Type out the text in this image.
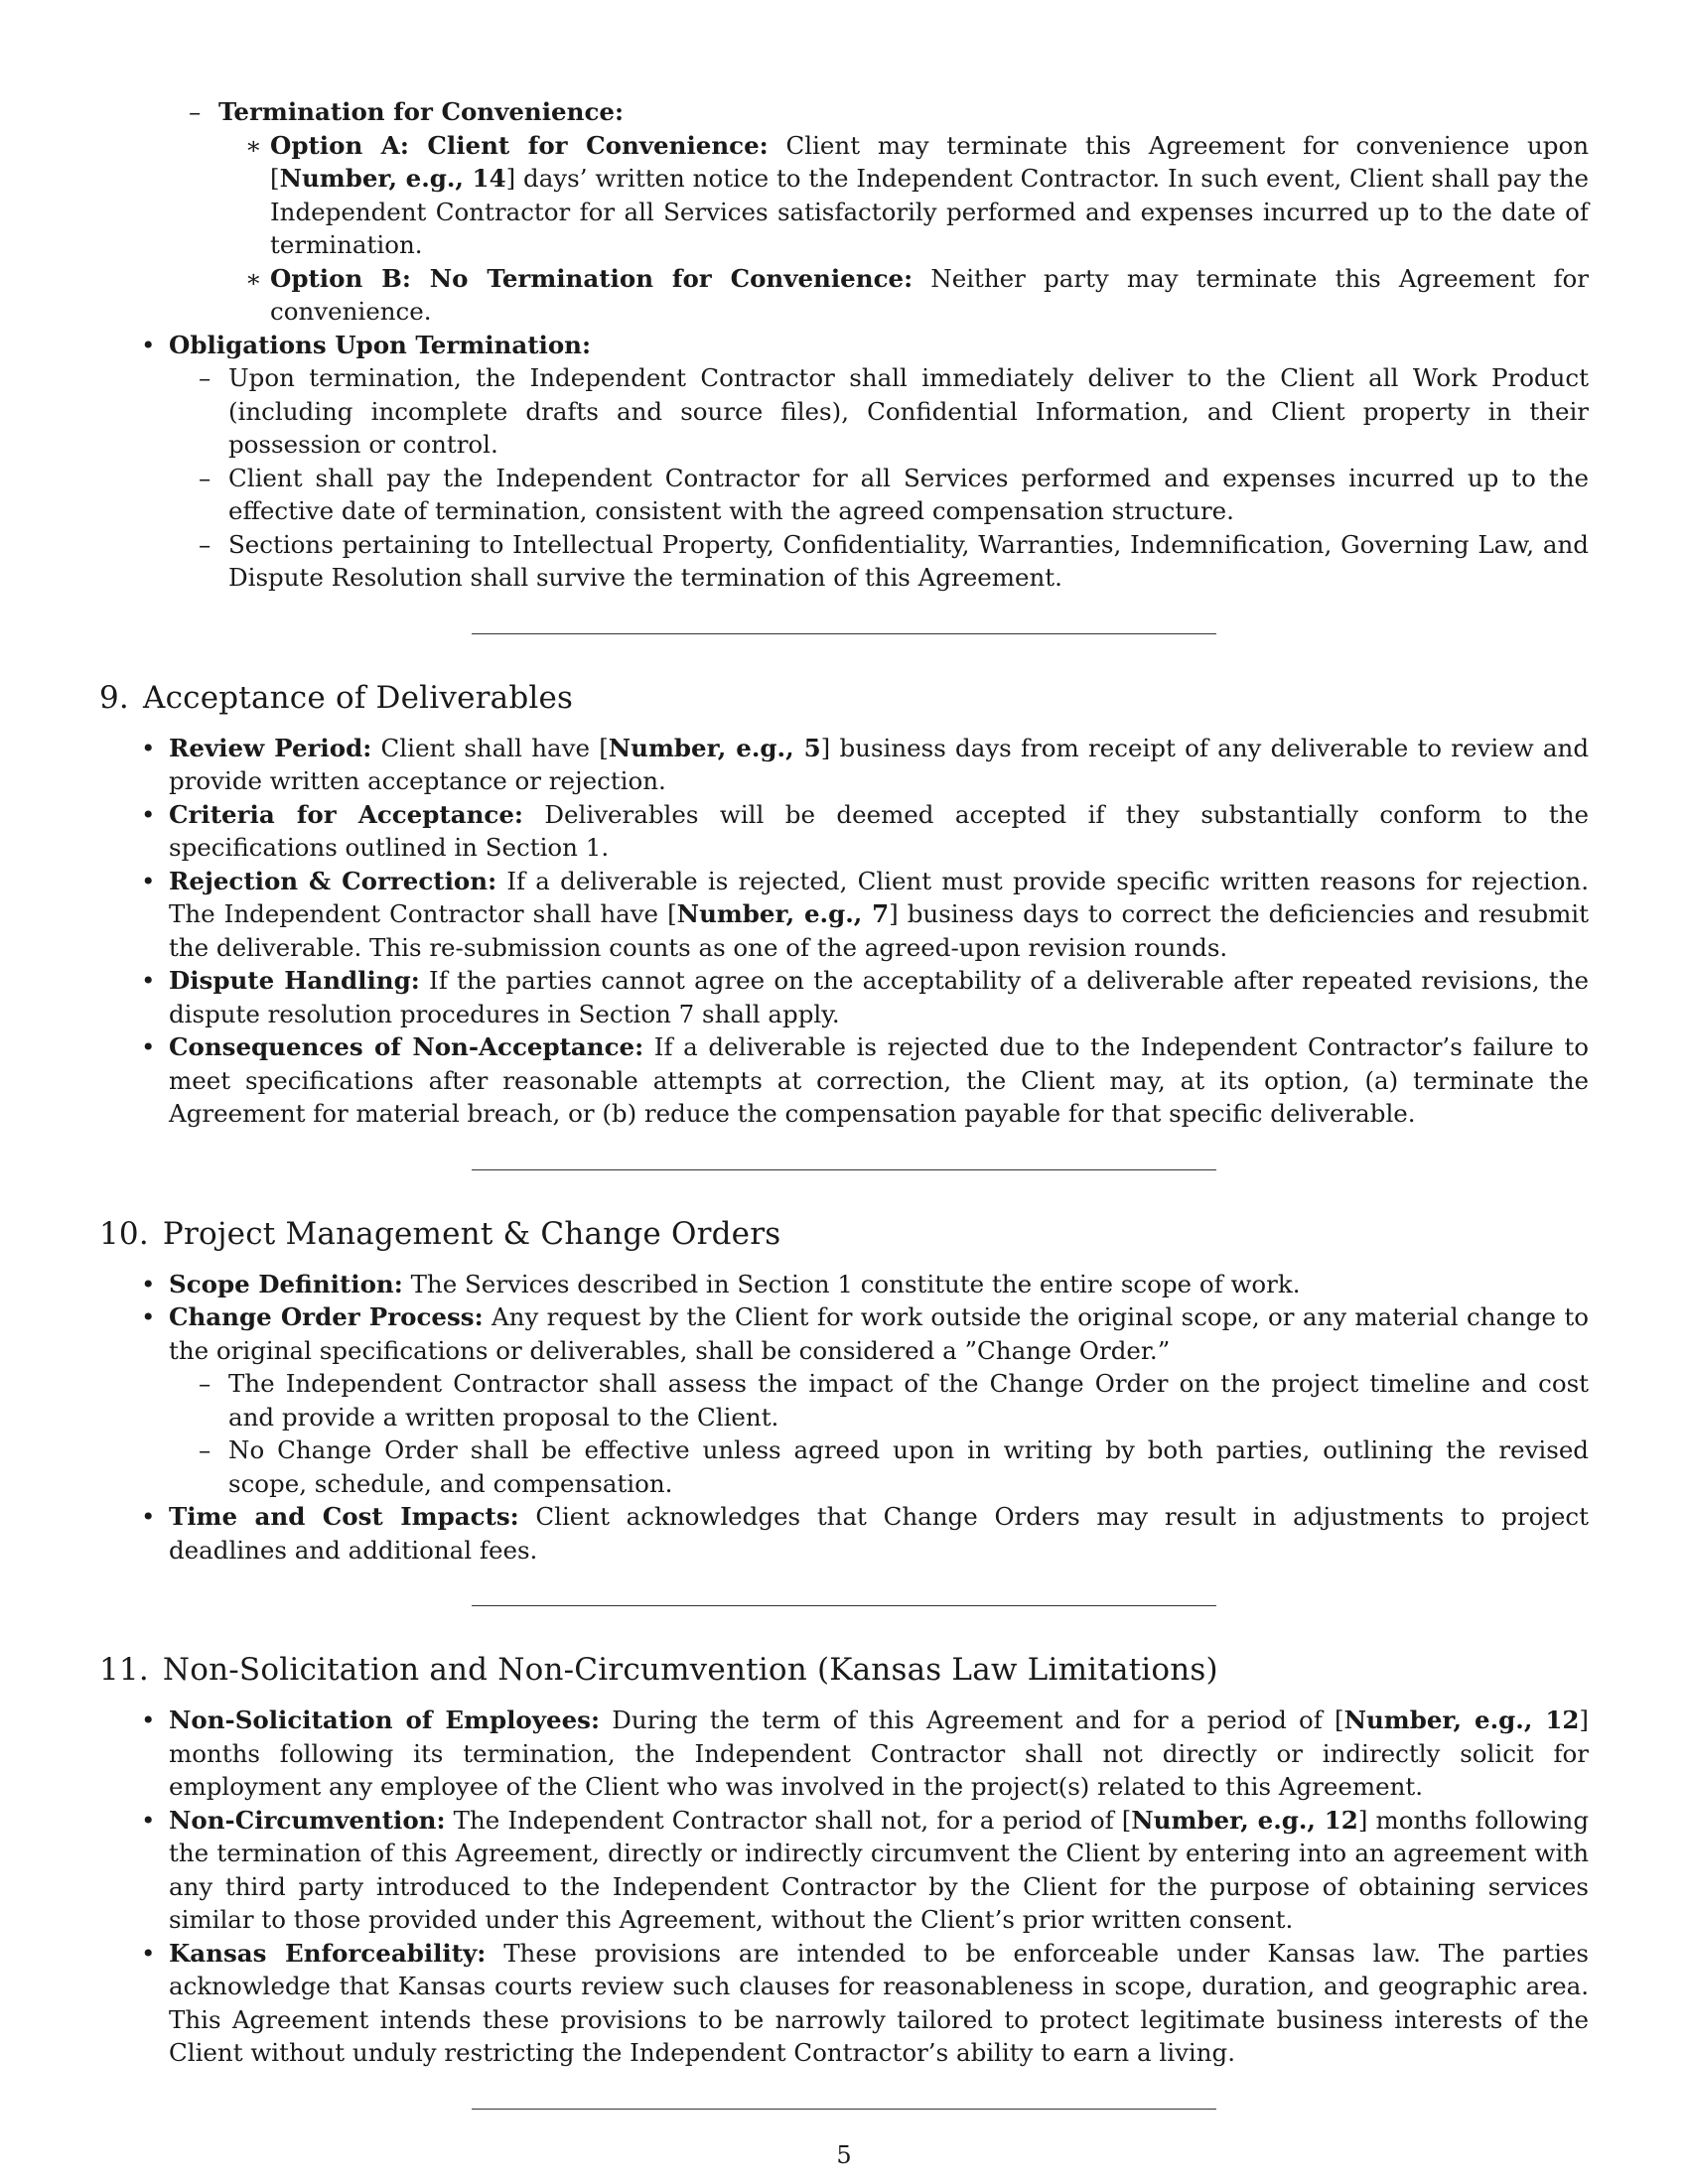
– Termination for Convenience:
∗ Option A: Client for Convenience: Client may terminate this Agreement for convenience upon [Number, e.g., 14] days’ written notice to the Independent Contractor. In such event, Client shall pay the Independent Contractor for all Services satisfactorily performed and expenses incurred up to the date of termination.
∗ Option B: No Termination for Convenience: Neither party may terminate this Agreement for convenience.
• Obligations Upon Termination:
– Upon termination, the Independent Contractor shall immediately deliver to the Client all Work Product (including incomplete drafts and source files), Confidential Information, and Client property in their possession or control.
– Client shall pay the Independent Contractor for all Services performed and expenses incurred up to the effective date of termination, consistent with the agreed compensation structure.
– Sections pertaining to Intellectual Property, Confidentiality, Warranties, Indemnification, Governing Law, and Dispute Resolution shall survive the termination of this Agreement.
9. Acceptance of Deliverables
• Review Period: Client shall have [Number, e.g., 5] business days from receipt of any deliverable to review and provide written acceptance or rejection.
• Criteria for Acceptance: Deliverables will be deemed accepted if they substantially conform to the specifications outlined in Section 1.
• Rejection & Correction: If a deliverable is rejected, Client must provide specific written reasons for rejection. The Independent Contractor shall have [Number, e.g., 7] business days to correct the deficiencies and resubmit the deliverable. This re-submission counts as one of the agreed-upon revision rounds.
• Dispute Handling: If the parties cannot agree on the acceptability of a deliverable after repeated revisions, the dispute resolution procedures in Section 7 shall apply.
• Consequences of Non-Acceptance: If a deliverable is rejected due to the Independent Contractor’s failure to meet specifications after reasonable attempts at correction, the Client may, at its option, (a) terminate the Agreement for material breach, or (b) reduce the compensation payable for that specific deliverable.
10. Project Management & Change Orders
• Scope Definition: The Services described in Section 1 constitute the entire scope of work.

• Change Order Process: Any request by the Client for work outside the original scope, or any material change to the original specifications or deliverables, shall be considered a ”Change Order.”

– The Independent Contractor shall assess the impact of the Change Order on the project timeline and cost and provide a written proposal to the Client.
– No Change Order shall be effective unless agreed upon in writing by both parties, outlining the revised scope, schedule, and compensation.
• Time and Cost Impacts: Client acknowledges that Change Orders may result in adjustments to project deadlines and additional fees.
11. Non-Solicitation and Non-Circumvention (Kansas Law Limitations)
• Non-Solicitation of Employees: During the term of this Agreement and for a period of [Number, e.g., 12] months following its termination, the Independent Contractor shall not directly or indirectly solicit for employment any employee of the Client who was involved in the project(s) related to this Agreement.
• Non-Circumvention: The Independent Contractor shall not, for a period of [Number, e.g., 12] months following the termination of this Agreement, directly or indirectly circumvent the Client by entering into an agreement with any third party introduced to the Independent Contractor by the Client for the purpose of obtaining services similar to those provided under this Agreement, without the Client’s prior written consent.
• Kansas Enforceability: These provisions are intended to be enforceable under Kansas law. The parties acknowledge that Kansas courts review such clauses for reasonableness in scope, duration, and geographic area. This Agreement intends these provisions to be narrowly tailored to protect legitimate business interests of the Client without unduly restricting the Independent Contractor’s ability to earn a living.
5
